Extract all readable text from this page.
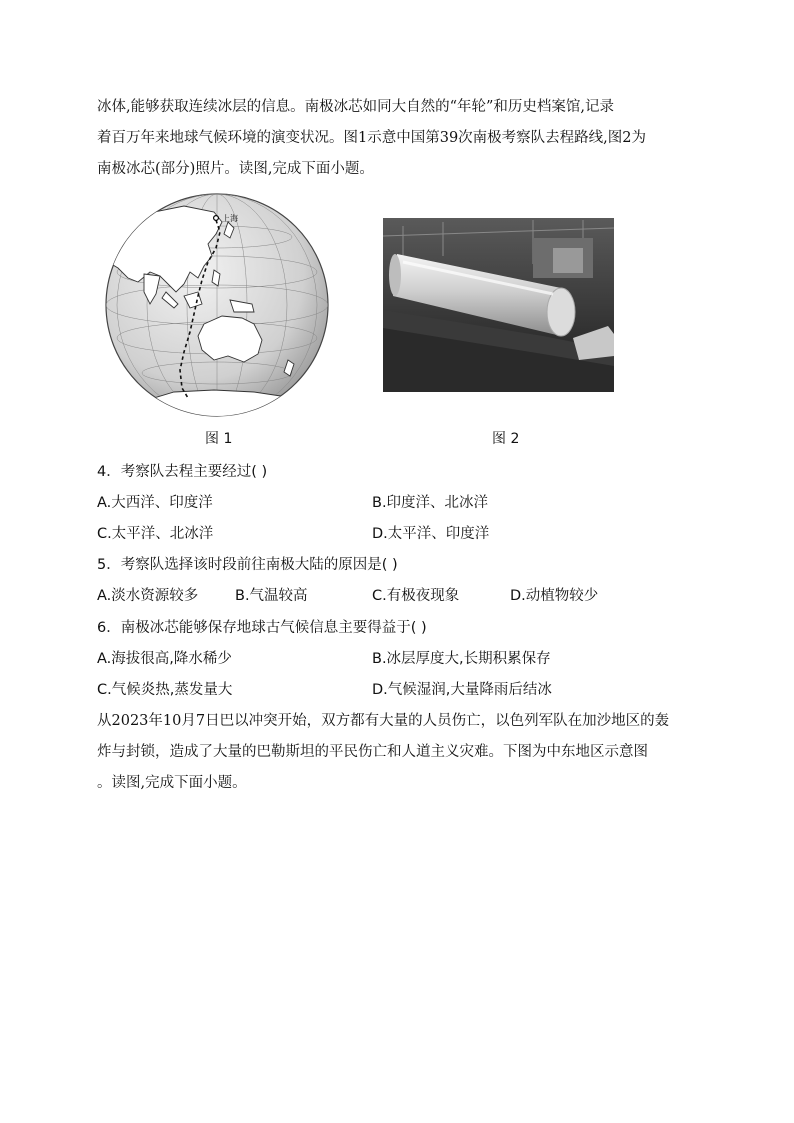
冰体,能够获取连续冰层的信息。南极冰芯如同大自然的“年轮”和历史档案馆,记录
着百万年来地球气候环境的演变状况。图1示意中国第39次南极考察队去程路线,图2为
南极冰芯(部分)照片。读图,完成下面小题。
上海
图 1	图 2
4．考察队去程主要经过( )
A.大西洋、印度洋	B.印度洋、北冰洋
C.太平洋、北冰洋	D.太平洋、印度洋
5．考察队选择该时段前往南极大陆的原因是( )
A.淡水资源较多	B.气温较高	C.有极夜现象	D.动植物较少
6．南极冰芯能够保存地球古气候信息主要得益于( )
A.海拔很高,降水稀少	B.冰层厚度大,长期积累保存
C.气候炎热,蒸发量大	D.气候湿润,大量降雨后结冰
从2023年10月7日巴以冲突开始，双方都有大量的人员伤亡，以色列军队在加沙地区的轰
炸与封锁，造成了大量的巴勒斯坦的平民伤亡和人道主义灾难。下图为中东地区示意图
。读图,完成下面小题。
